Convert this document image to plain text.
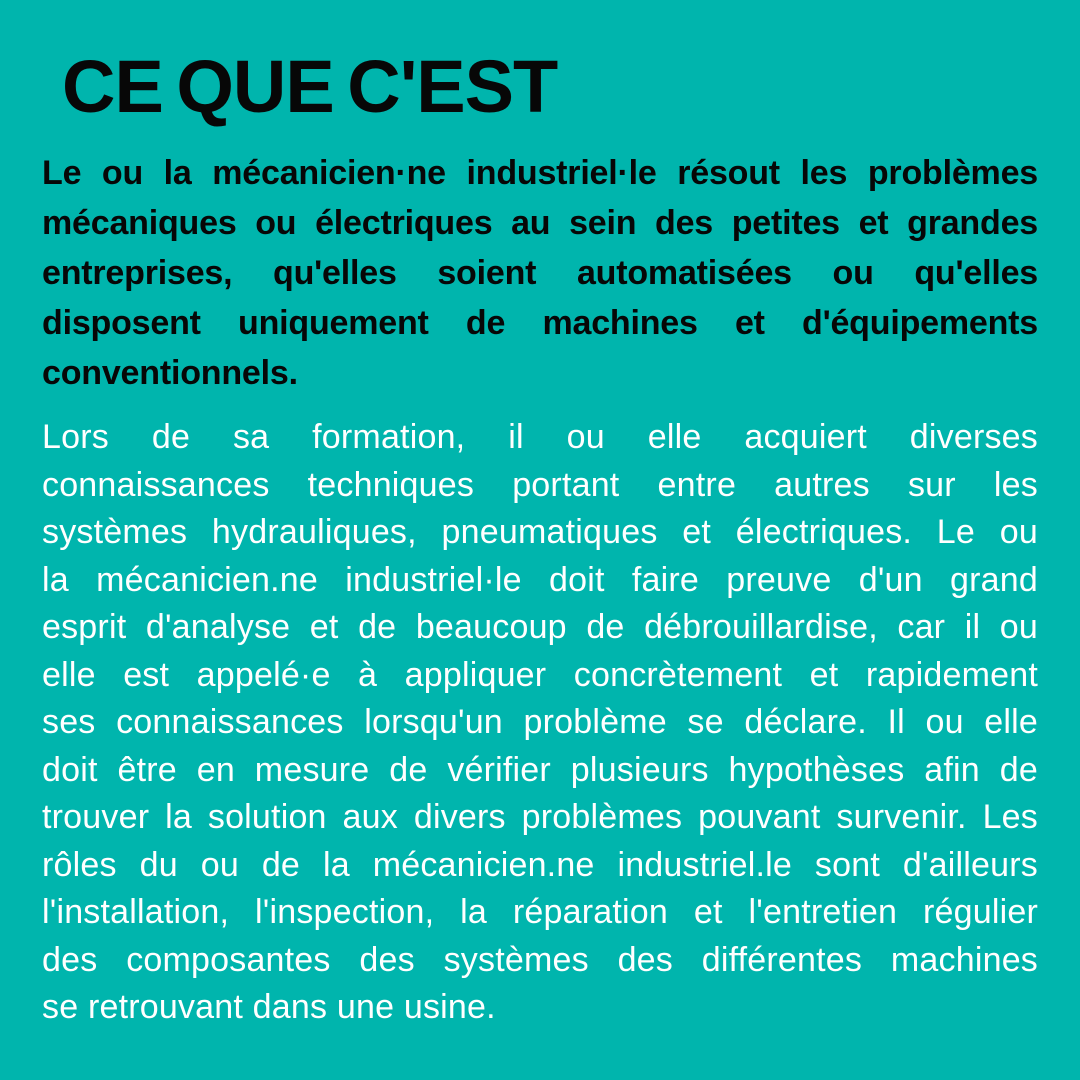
CE QUE C'EST
Le ou la mécanicien·ne industriel·le résout les problèmes
mécaniques ou électriques au sein des petites et grandes
entreprises, qu'elles soient automatisées ou qu'elles
disposent uniquement de machines et d'équipements
conventionnels.
Lors de sa formation, il ou elle acquiert diverses
connaissances techniques portant entre autres sur les
systèmes hydrauliques, pneumatiques et électriques. Le ou
la mécanicien.ne industriel·le doit faire preuve d'un grand
esprit d'analyse et de beaucoup de débrouillardise, car il ou
elle est appelé·e à appliquer concrètement et rapidement
ses connaissances lorsqu'un problème se déclare. Il ou elle
doit être en mesure de vérifier plusieurs hypothèses afin de
trouver la solution aux divers problèmes pouvant survenir. Les
rôles du ou de la mécanicien.ne industriel.le sont d'ailleurs
l'installation, l'inspection, la réparation et l'entretien régulier
des composantes des systèmes des différentes machines
se retrouvant dans une usine.
